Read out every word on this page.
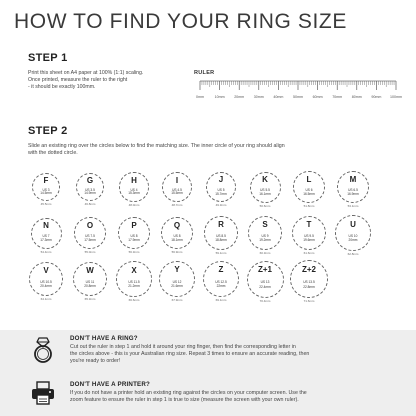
HOW TO FIND YOUR RING SIZE
STEP 1
Print this sheet on A4 paper at 100% (1:1) scaling.
Once printed, measure the ruler to the right
- it should be exactly 100mm.
RULER
0mm	10mm	20mm	30mm	40mm	50mm	60mm	70mm	80mm	90mm 100mm
STEP 2
Slide an existing ring over the circles below to find the matching size. The inner circle of your ring should align
with the dotted circle.
F
US 3
14.5mm
45.5mm
G
US 3.5
14.9mm
46.8mm
H
US 4
15.3mm
48.0mm
I
US 4.5
15.5mm
48.7mm
J
US 5
15.7mm
49.3mm
K
US 5.5
16.1mm
50.6mm
L
US 6
16.5mm
51.8mm
M
US 6.5
16.9mm
53.1mm
N
US 7
17.3mm
54.4mm
O
US 7.5
17.5mm
55.0mm
P
US 8
17.9mm
56.3mm
Q
US 8
18.1mm
56.9mm
R
US 8.5
18.8mm
59.1mm
S
US 9
19.2mm
60.3mm
T
US 9.5
19.6mm
61.6mm
U
US 10
20mm
62.8mm
V
US 10.5
20.4mm
64.1mm
W
US 11
20.8mm
65.3mm
X
US 11.5
21.2mm
66.6mm
Y
US 12
21.6mm
67.9mm
Z
US 12.5
22mm
69.1mm
Z+1
US 13
22.4mm
70.4mm
Z+2
US 13.5
22.8mm
71.6mm
DON'T HAVE A RING?
Cut out the ruler in step 1 and hold it around your ring finger, then find the corresponding letter in
the circles above - this is your Australian ring size. Repeat 3 times to ensure an accurate reading, then
you're ready to order!
DON'T HAVE A PRINTER?
If you do not have a printer hold an existing ring against the circles on your computer screen. Use the
zoom feature to ensure the ruler in step 1 is true to size (measure the screen with your own ruler).
